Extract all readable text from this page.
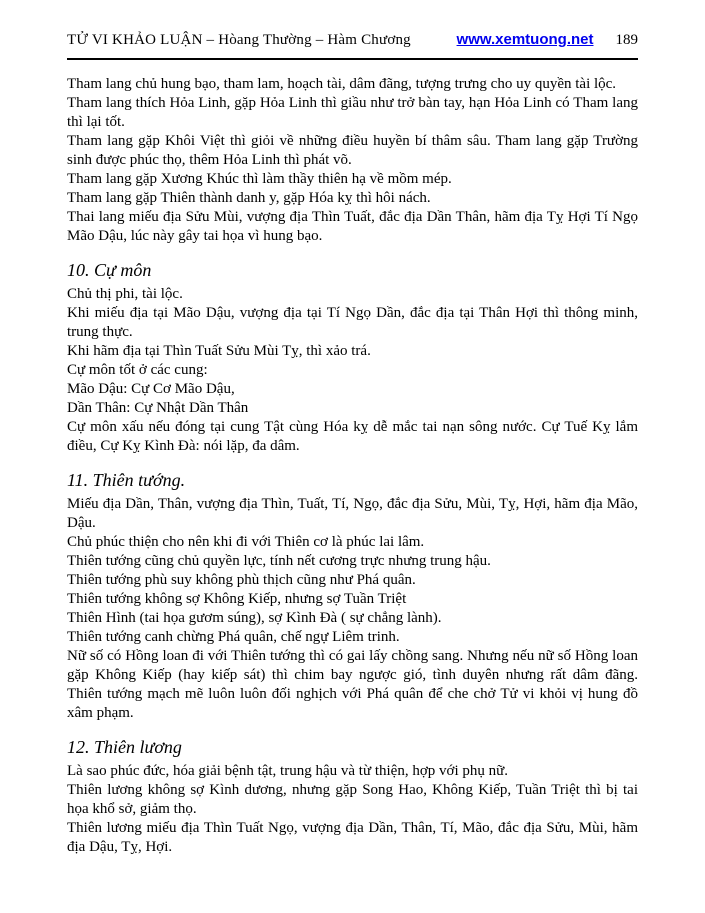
TỬ VI KHẢO LUẬN – Hòang Thường – Hàm Chương	www.xemtuong.net 189

Tham lang chủ hung bạo, tham lam, hoạch tài, dâm đãng, tượng trưng cho uy quyền tài lộc.

Tham lang thích Hỏa Linh, gặp Hỏa Linh thì giầu như trở bàn tay, hạn Hỏa Linh có Tham lang thì lại tốt.

Tham lang gặp Khôi Việt thì giỏi về những điều huyền bí thâm sâu. Tham lang gặp Trường sinh được phúc thọ, thêm Hỏa Linh thì phát võ.

Tham lang gặp Xương Khúc thì làm thầy thiên hạ về mồm mép.

Tham lang gặp Thiên thành danh y, gặp Hóa kỵ thì hôi nách.

Thai lang miếu địa Sửu Mùi, vượng địa Thìn Tuất, đắc địa Dần Thân, hãm địa Tỵ Hợi Tí Ngọ Mão Dậu, lúc này gây tai họa vì hung bạo.

10. Cự môn

Chủ thị phi, tài lộc.

Khi miếu địa tại Mão Dậu, vượng địa tại Tí Ngọ Dần, đắc địa tại Thân Hợi thì thông minh, trung thực.

Khi hãm địa tại Thìn Tuất Sửu Mùi Tỵ, thì xảo trá.

Cự môn tốt ở các cung:

Mão Dậu: Cự Cơ Mão Dậu,

Dần Thân: Cự Nhật Dần Thân

Cự môn xấu nếu đóng tại cung Tật cùng Hóa kỵ dễ mắc tai nạn sông nước. Cự Tuế Kỵ lắm điều, Cự Kỵ Kình Đà: nói lặp, đa dâm.

11. Thiên tướng.

Miếu địa Dần, Thân, vượng địa Thìn, Tuất, Tí, Ngọ, đắc địa Sửu, Mùi, Tỵ, Hợi, hãm địa Mão, Dậu.

Chủ phúc thiện cho nên khi đi với Thiên cơ là phúc lai lâm.

Thiên tướng cũng chủ quyền lực, tính nết cương trực nhưng trung hậu.

Thiên tướng phù suy không phù thịch cũng như Phá quân.

Thiên tướng không sợ Không Kiếp, nhưng sợ Tuần Triệt

Thiên Hình (tai họa gươm súng), sợ Kình Đà ( sự chẳng lành).

Thiên tướng canh chừng Phá quân, chế ngự Liêm trinh.

Nữ số có Hồng loan đi với Thiên tướng thì có gai lấy chồng sang. Nhưng nếu nữ số Hồng loan gặp Không Kiếp (hay kiếp sát) thì chim bay ngược gió, tình duyên nhưng rất dâm đãng.

Thiên tướng mạch mẽ luôn luôn đối nghịch với Phá quân để che chở Tử vi khỏi vị hung đồ xâm phạm.

12. Thiên lương

Là sao phúc đức, hóa giải bệnh tật, trung hậu và từ thiện, hợp với phụ nữ.

Thiên lương không sợ Kình dương, nhưng gặp Song Hao, Không Kiếp, Tuần Triệt thì bị tai họa khổ sở, giảm thọ.

Thiên lương miếu địa Thìn Tuất Ngọ, vượng địa Dần, Thân, Tí, Mão, đắc địa Sửu, Mùi, hãm địa Dậu, Tỵ, Hợi.
